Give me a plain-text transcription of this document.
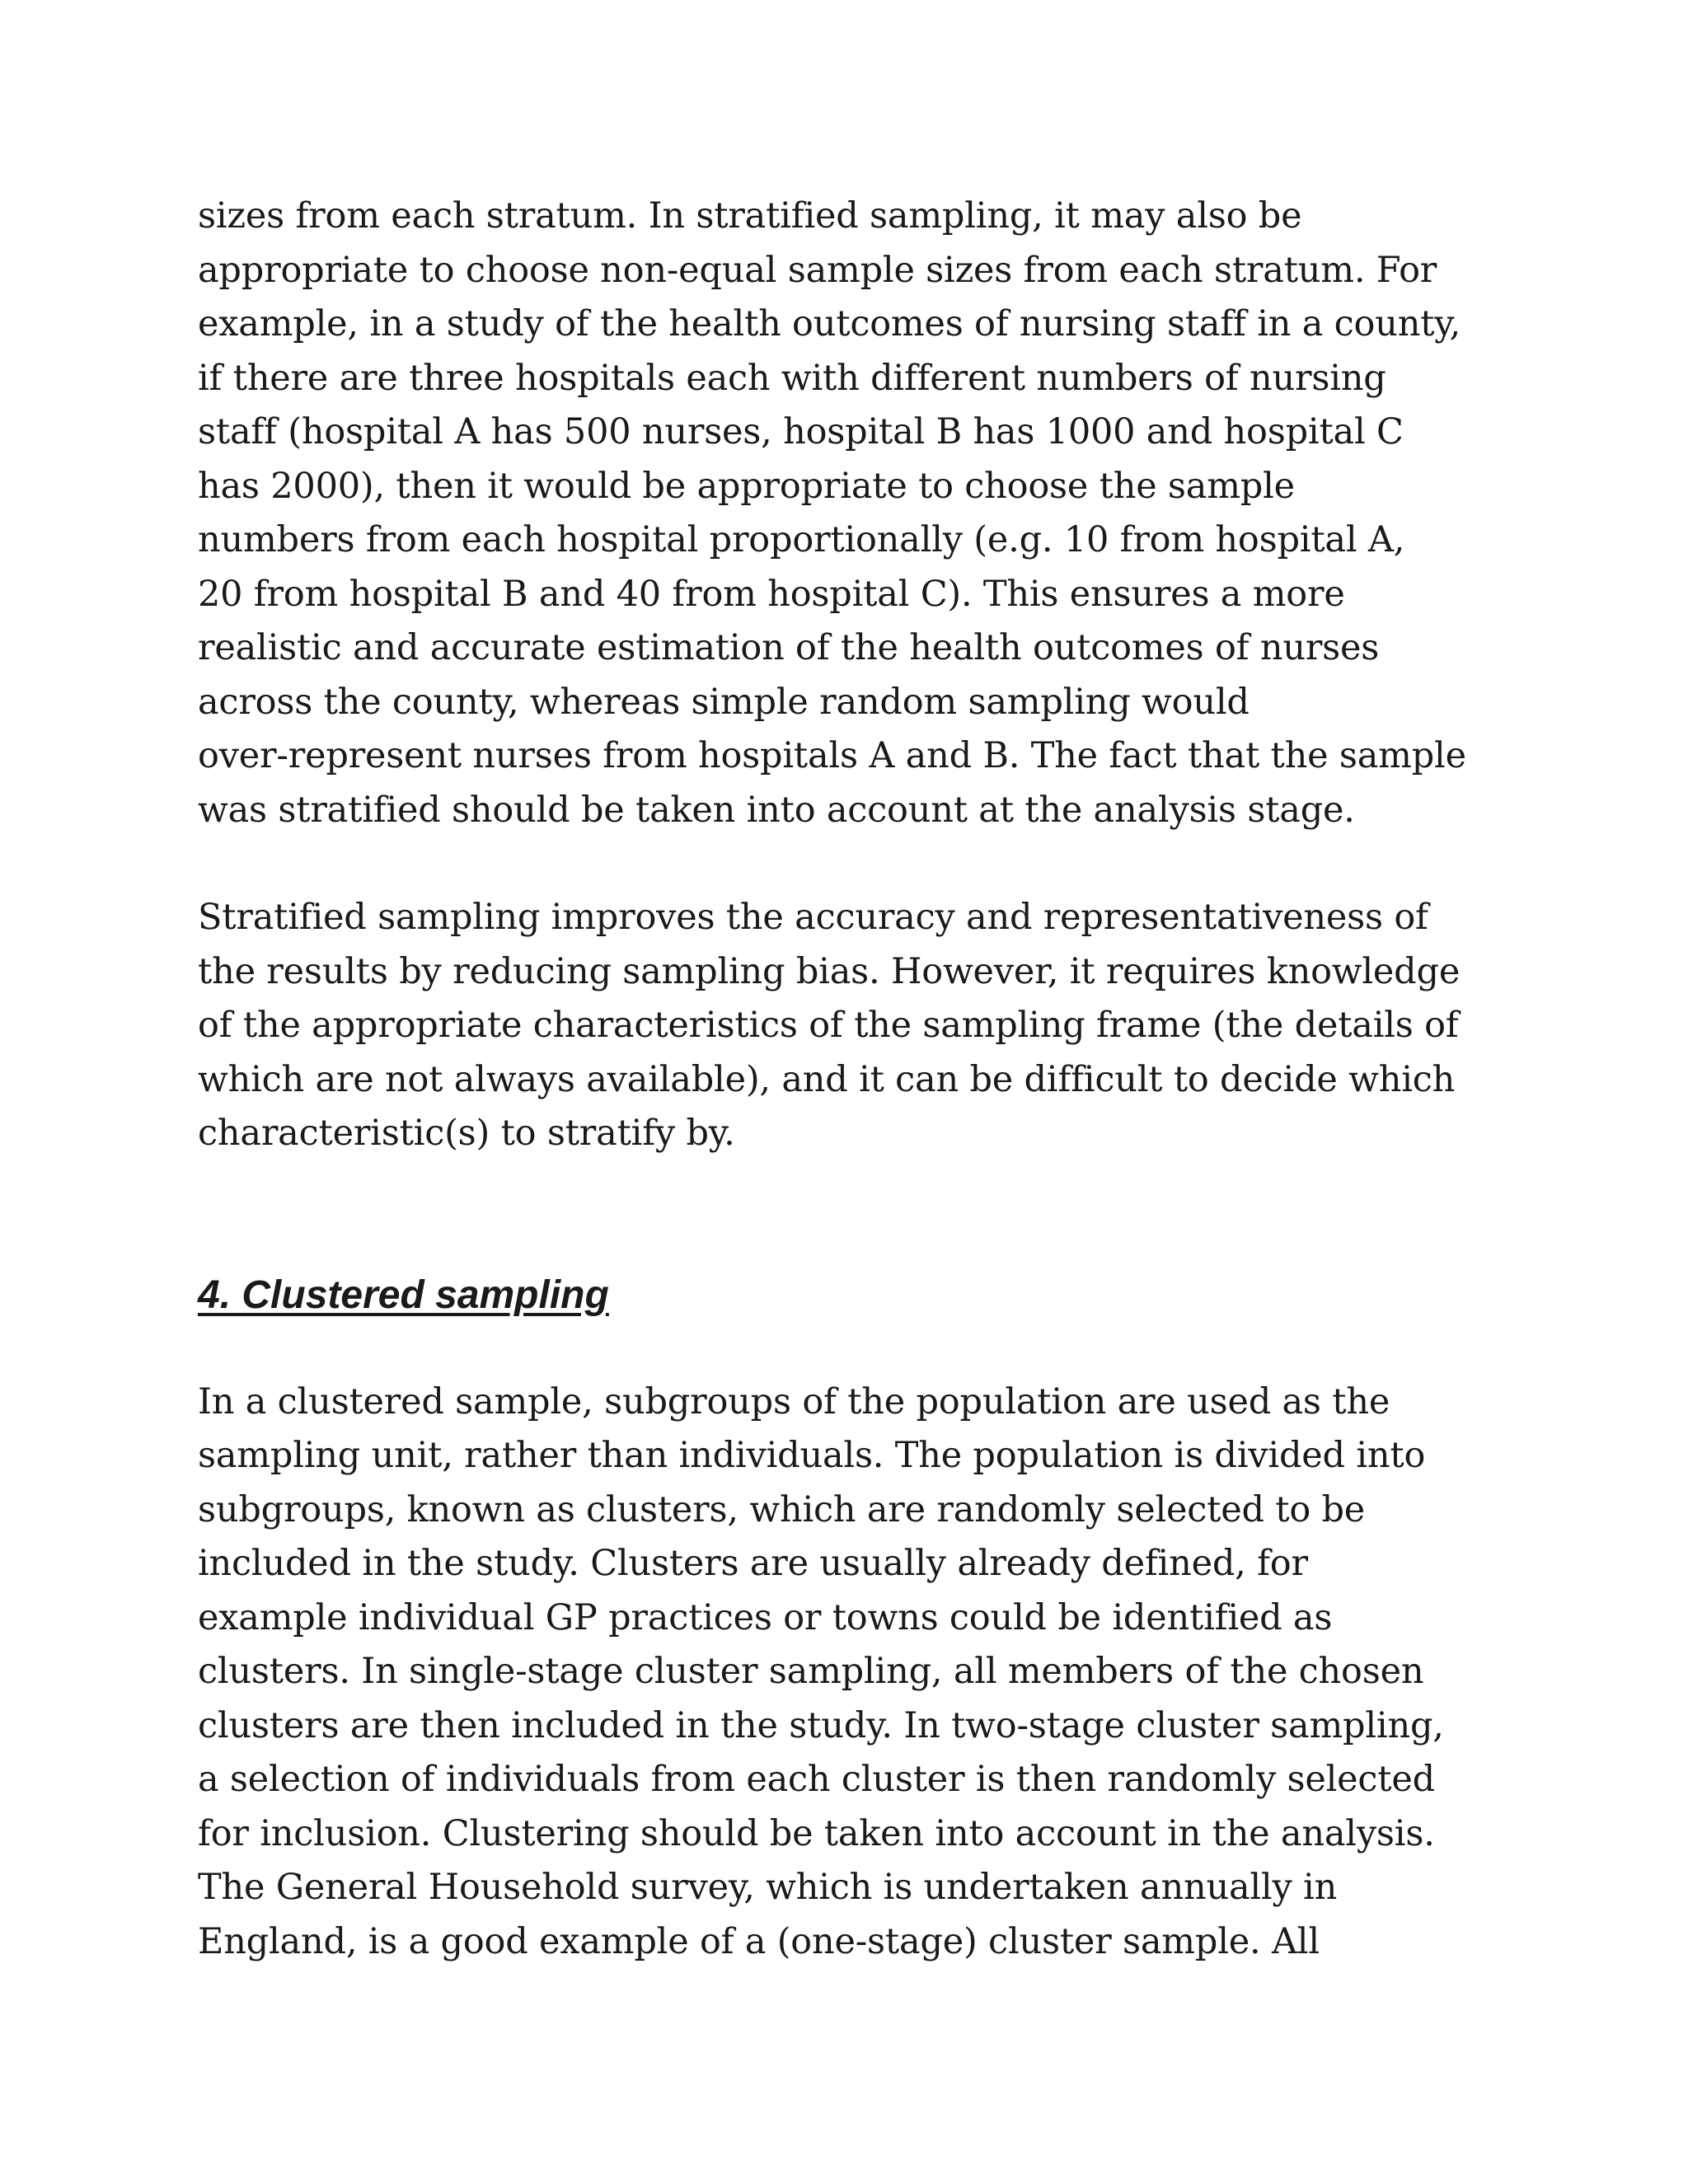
sizes from each stratum. In stratified sampling, it may also be
appropriate to choose non-equal sample sizes from each stratum. For
example, in a study of the health outcomes of nursing staff in a county,
if there are three hospitals each with different numbers of nursing
staff (hospital A has 500 nurses, hospital B has 1000 and hospital C
has 2000), then it would be appropriate to choose the sample
numbers from each hospital proportionally (e.g. 10 from hospital A,
20 from hospital B and 40 from hospital C). This ensures a more
realistic and accurate estimation of the health outcomes of nurses
across the county, whereas simple random sampling would
over-represent nurses from hospitals A and B. The fact that the sample
was stratified should be taken into account at the analysis stage.

Stratified sampling improves the accuracy and representativeness of
the results by reducing sampling bias. However, it requires knowledge
of the appropriate characteristics of the sampling frame (the details of
which are not always available), and it can be difficult to decide which
characteristic(s) to stratify by.

4. Clustered sampling

In a clustered sample, subgroups of the population are used as the
sampling unit, rather than individuals. The population is divided into
subgroups, known as clusters, which are randomly selected to be
included in the study. Clusters are usually already defined, for
example individual GP practices or towns could be identified as
clusters. In single-stage cluster sampling, all members of the chosen
clusters are then included in the study. In two-stage cluster sampling,
a selection of individuals from each cluster is then randomly selected
for inclusion. Clustering should be taken into account in the analysis.
The General Household survey, which is undertaken annually in
England, is a good example of a (one-stage) cluster sample. All
